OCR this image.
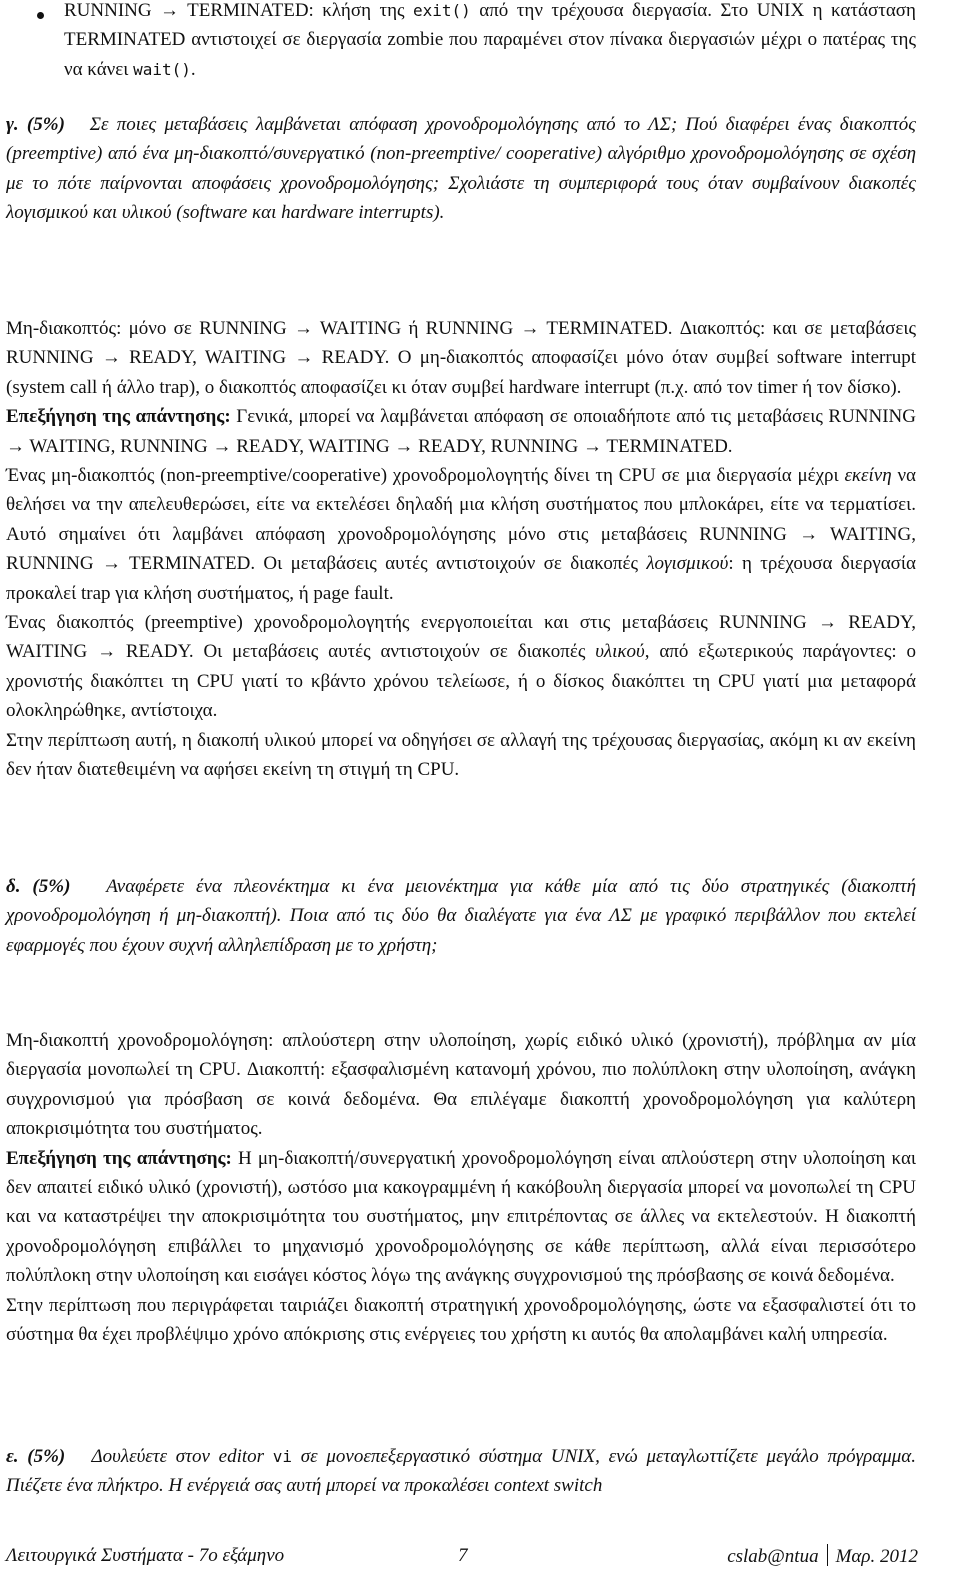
RUNNING → TERMINATED: κλήση της exit() από την τρέχουσα διεργασία. Στο UNIX η κατάσταση TERMINATED αντιστοιχεί σε διεργασία zombie που παραμένει στον πίνακα διεργασιών μέχρι ο πατέρας της να κάνει wait().

γ. (5%) Σε ποιες μεταβάσεις λαμβάνεται απόφαση χρονοδρομολόγησης από το ΛΣ; Πού διαφέρει ένας διακοπτός (preemptive) από ένα μη-διακοπτό/συνεργατικό (non-preemptive/ cooperative) αλγόριθμο χρονοδρομολόγησης σε σχέση με το πότε παίρνονται αποφάσεις χρονοδρομολόγησης; Σχολιάστε τη συμπεριφορά τους όταν συμβαίνουν διακοπές λογισμικού και υλικού (software και hardware interrupts).

Μη-διακοπτός: μόνο σε RUNNING → WAITING ή RUNNING → TERMINATED. Διακοπτός: και σε μεταβάσεις RUNNING → READY, WAITING → READY. Ο μη-διακοπτός αποφασίζει μόνο όταν συμβεί software interrupt (system call ή άλλο trap), ο διακοπτός αποφασίζει κι όταν συμβεί hardware interrupt (π.χ. από τον timer ή τον δίσκο).
Επεξήγηση της απάντησης: Γενικά, μπορεί να λαμβάνεται απόφαση σε οποιαδήποτε από τις μεταβάσεις RUNNING → WAITING, RUNNING → READY, WAITING → READY, RUNNING → TERMINATED.
Ένας μη-διακοπτός (non-preemptive/cooperative) χρονοδρομολογητής δίνει τη CPU σε μια διεργασία μέχρι εκείνη να θελήσει να την απελευθερώσει, είτε να εκτελέσει δηλαδή μια κλήση συστήματος που μπλοκάρει, είτε να τερματίσει. Αυτό σημαίνει ότι λαμβάνει απόφαση χρονοδρομολόγησης μόνο στις μεταβάσεις RUNNING → WAITING, RUNNING → TERMINATED. Οι μεταβάσεις αυτές αντιστοιχούν σε διακοπές λογισμικού: η τρέχουσα διεργασία προκαλεί trap για κλήση συστήματος, ή page fault.
Ένας διακοπτός (preemptive) χρονοδρομολογητής ενεργοποιείται και στις μεταβάσεις RUNNING → READY, WAITING → READY. Οι μεταβάσεις αυτές αντιστοιχούν σε διακοπές υλικού, από εξωτερικούς παράγοντες: ο χρονιστής διακόπτει τη CPU γιατί το κβάντο χρόνου τελείωσε, ή ο δίσκος διακόπτει τη CPU γιατί μια μεταφορά ολοκληρώθηκε, αντίστοιχα.
Στην περίπτωση αυτή, η διακοπή υλικού μπορεί να οδηγήσει σε αλλαγή της τρέχουσας διεργασίας, ακόμη κι αν εκείνη δεν ήταν διατεθειμένη να αφήσει εκείνη τη στιγμή τη CPU.

δ. (5%) Αναφέρετε ένα πλεονέκτημα κι ένα μειονέκτημα για κάθε μία από τις δύο στρατηγικές (διακοπτή χρονοδρομολόγηση ή μη-διακοπτή). Ποια από τις δύο θα διαλέγατε για ένα ΛΣ με γραφικό περιβάλλον που εκτελεί εφαρμογές που έχουν συχνή αλληλεπίδραση με το χρήστη;

Μη-διακοπτή χρονοδρομολόγηση: απλούστερη στην υλοποίηση, χωρίς ειδικό υλικό (χρονιστή), πρόβλημα αν μία διεργασία μονοπωλεί τη CPU. Διακοπτή: εξασφαλισμένη κατανομή χρόνου, πιο πολύπλοκη στην υλοποίηση, ανάγκη συγχρονισμού για πρόσβαση σε κοινά δεδομένα. Θα επιλέγαμε διακοπτή χρονοδρομολόγηση για καλύτερη αποκρισιμότητα του συστήματος.
Επεξήγηση της απάντησης: Η μη-διακοπτή/συνεργατική χρονοδρομολόγηση είναι απλούστερη στην υλοποίηση και δεν απαιτεί ειδικό υλικό (χρονιστή), ωστόσο μια κακογραμμένη ή κακόβουλη διεργασία μπορεί να μονοπωλεί τη CPU και να καταστρέψει την αποκρισιμότητα του συστήματος, μην επιτρέποντας σε άλλες να εκτελεστούν. Η διακοπτή χρονοδρομολόγηση επιβάλλει το μηχανισμό χρονοδρομολόγησης σε κάθε περίπτωση, αλλά είναι περισσότερο πολύπλοκη στην υλοποίηση και εισάγει κόστος λόγω της ανάγκης συγχρονισμού της πρόσβασης σε κοινά δεδομένα.
Στην περίπτωση που περιγράφεται ταιριάζει διακοπτή στρατηγική χρονοδρομολόγησης, ώστε να εξασφαλιστεί ότι το σύστημα θα έχει προβλέψιμο χρόνο απόκρισης στις ενέργειες του χρήστη κι αυτός θα απολαμβάνει καλή υπηρεσία.

ε. (5%) Δουλεύετε στον editor vi σε μονοεπεξεργαστικό σύστημα UNIX, ενώ μεταγλωττίζετε μεγάλο πρόγραμμα. Πιέζετε ένα πλήκτρο. Η ενέργειά σας αυτή μπορεί να προκαλέσει context switch

Λειτουργικά Συστήματα - 7ο εξάμηνο	7	cslab@ntua Μαρ. 2012
